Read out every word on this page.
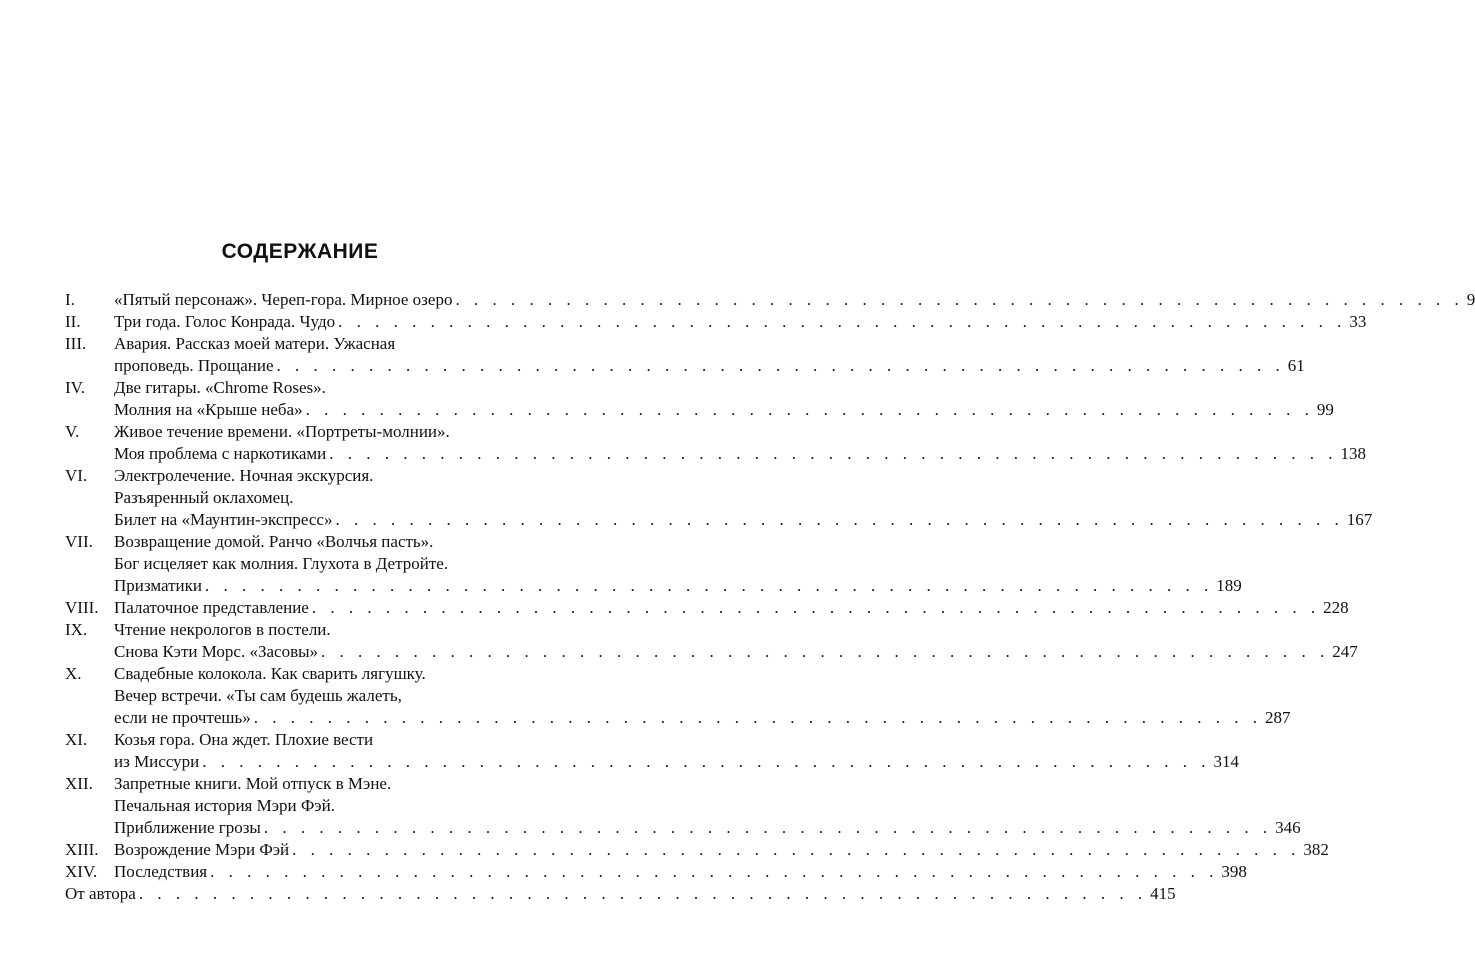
СОДЕРЖАНИЕ
I. «Пятый персонаж». Череп-гора. Мирное озеро . . . . . . . . . . . . . . . . . . . . . . . . . . . . . . . . . . . . . . . . . . . . . . . . . . . . . . . 9
II. Три года. Голос Конрада. Чудо . . . . . . . . . . . . . . . . . . . . . . . . . . . . . . . . . . . . . . . . . . . . . . . . . . . . . . . 33
III. Авария. Рассказ моей матери. Ужасная
проповедь. Прощание . . . . . . . . . . . . . . . . . . . . . . . . . . . . . . . . . . . . . . . . . . . . . . . . . . . . . . . 61
IV. Две гитары. «Chrome Roses».
Молния на «Крыше неба» . . . . . . . . . . . . . . . . . . . . . . . . . . . . . . . . . . . . . . . . . . . . . . . . . . . . . . . 99
V. Живое течение времени. «Портреты-молнии».
Моя проблема с наркотиками . . . . . . . . . . . . . . . . . . . . . . . . . . . . . . . . . . . . . . . . . . . . . . . . . . . . . . . 138
VI. Электролечение. Ночная экскурсия.
Разъяренный оклахомец.
Билет на «Маунтин-экспресс» . . . . . . . . . . . . . . . . . . . . . . . . . . . . . . . . . . . . . . . . . . . . . . . . . . . . . . . 167
VII. Возвращение домой. Ранчо «Волчья пасть».
Бог исцеляет как молния. Глухота в Детройте.
Призматики . . . . . . . . . . . . . . . . . . . . . . . . . . . . . . . . . . . . . . . . . . . . . . . . . . . . . . . 189
VIII. Палаточное представление . . . . . . . . . . . . . . . . . . . . . . . . . . . . . . . . . . . . . . . . . . . . . . . . . . . . . . . 228
IX. Чтение некрологов в постели.
Снова Кэти Морс. «Засовы» . . . . . . . . . . . . . . . . . . . . . . . . . . . . . . . . . . . . . . . . . . . . . . . . . . . . . . . 247
X. Свадебные колокола. Как сварить лягушку.
Вечер встречи. «Ты сам будешь жалеть,
если не прочтешь» . . . . . . . . . . . . . . . . . . . . . . . . . . . . . . . . . . . . . . . . . . . . . . . . . . . . . . . 287
XI. Козья гора. Она ждет. Плохие вести
из Миссури . . . . . . . . . . . . . . . . . . . . . . . . . . . . . . . . . . . . . . . . . . . . . . . . . . . . . . . 314
XII. Запретные книги. Мой отпуск в Мэне.
Печальная история Мэри Фэй.
Приближение грозы . . . . . . . . . . . . . . . . . . . . . . . . . . . . . . . . . . . . . . . . . . . . . . . . . . . . . . . 346
XIII. Возрождение Мэри Фэй . . . . . . . . . . . . . . . . . . . . . . . . . . . . . . . . . . . . . . . . . . . . . . . . . . . . . . . 382
XIV. Последствия . . . . . . . . . . . . . . . . . . . . . . . . . . . . . . . . . . . . . . . . . . . . . . . . . . . . . . . 398
От автора . . . . . . . . . . . . . . . . . . . . . . . . . . . . . . . . . . . . . . . . . . . . . . . . . . . . . . . 415
